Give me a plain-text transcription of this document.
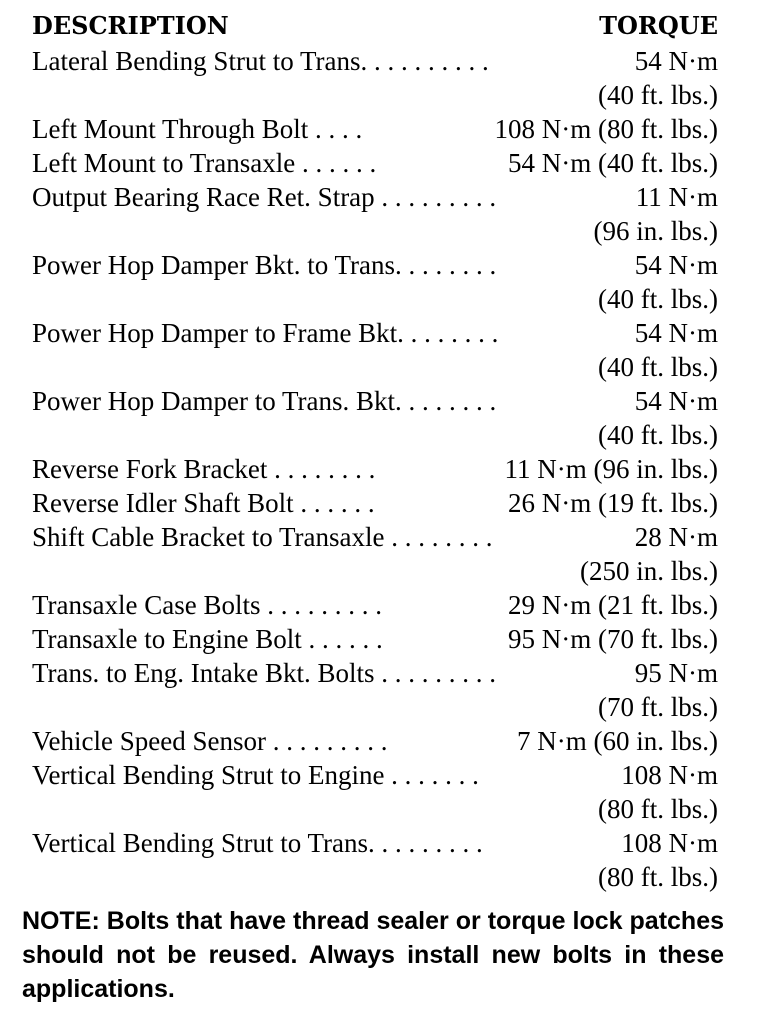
DESCRIPTION	TORQUE
Lateral Bending Strut to Trans. . . . . . . . . .	54 N·m
(40 ft. lbs.)
Left Mount Through Bolt . . . .	108 N·m (80 ft. lbs.)
Left Mount to Transaxle . . . . . .	54 N·m (40 ft. lbs.)
Output Bearing Race Ret. Strap . . . . . . . . .	11 N·m
(96 in. lbs.)
Power Hop Damper Bkt. to Trans. . . . . . . .	54 N·m
(40 ft. lbs.)
Power Hop Damper to Frame Bkt. . . . . . . .	54 N·m
(40 ft. lbs.)
Power Hop Damper to Trans. Bkt. . . . . . . .	54 N·m
(40 ft. lbs.)
Reverse Fork Bracket . . . . . . . .	11 N·m (96 in. lbs.)
Reverse Idler Shaft Bolt . . . . . .	26 N·m (19 ft. lbs.)
Shift Cable Bracket to Transaxle . . . . . . . .	28 N·m
(250 in. lbs.)
Transaxle Case Bolts . . . . . . . . .	29 N·m (21 ft. lbs.)
Transaxle to Engine Bolt . . . . . .	95 N·m (70 ft. lbs.)
Trans. to Eng. Intake Bkt. Bolts . . . . . . . . .	95 N·m
(70 ft. lbs.)
Vehicle Speed Sensor . . . . . . . . .	7 N·m (60 in. lbs.)
Vertical Bending Strut to Engine . . . . . . .	108 N·m
(80 ft. lbs.)
Vertical Bending Strut to Trans. . . . . . . . .	108 N·m
(80 ft. lbs.)
NOTE: Bolts that have thread sealer or torque lock patches should not be reused. Always install new bolts in these applications.
